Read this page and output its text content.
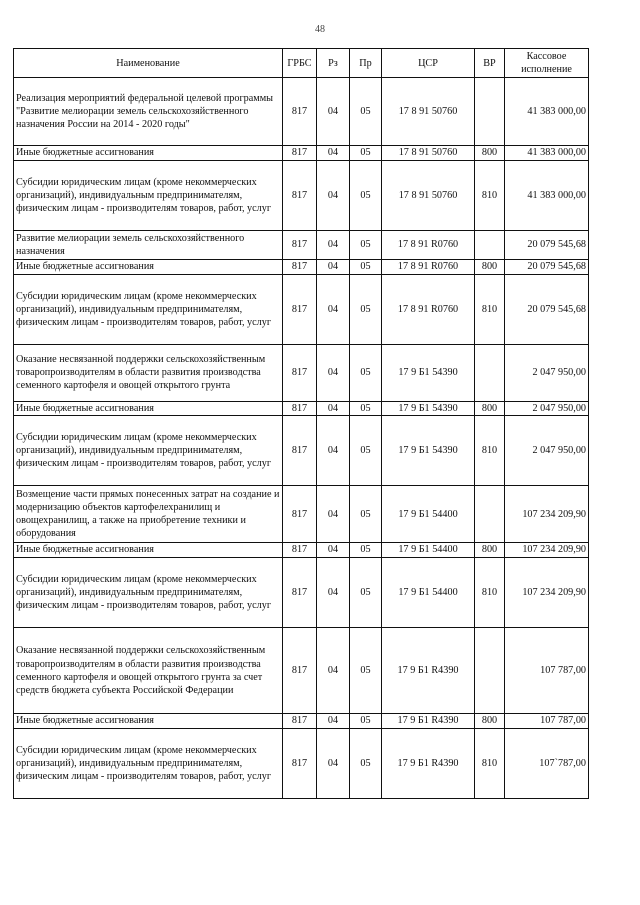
48
Наименование	ГРБС	Рз	Пр	ЦСР	ВР	Кассовое исполнение
Реализация мероприятий федеральной целевой программы "Развитие мелиорации земель сельскохозяйственного назначения России на 2014 - 2020 годы"	817	04	05	17 8 91 50760		41 383 000,00
Иные бюджетные ассигнования	817	04	05	17 8 91 50760	800	41 383 000,00
Субсидии юридическим лицам (кроме некоммерческих организаций), индивидуальным предпринимателям, физическим лицам - производителям товаров, работ, услуг	817	04	05	17 8 91 50760	810	41 383 000,00
Развитие мелиорации земель сельскохозяйственного назначения	817	04	05	17 8 91 R0760		20 079 545,68
Иные бюджетные ассигнования	817	04	05	17 8 91 R0760	800	20 079 545,68
Субсидии юридическим лицам (кроме некоммерческих организаций), индивидуальным предпринимателям, физическим лицам - производителям товаров, работ, услуг	817	04	05	17 8 91 R0760	810	20 079 545,68
Оказание несвязанной поддержки сельскохозяйственным товаропроизводителям в области развития производства семенного картофеля и овощей открытого грунта	817	04	05	17 9 Б1 54390		2 047 950,00
Иные бюджетные ассигнования	817	04	05	17 9 Б1 54390	800	2 047 950,00
Субсидии юридическим лицам (кроме некоммерческих организаций), индивидуальным предпринимателям, физическим лицам - производителям товаров, работ, услуг	817	04	05	17 9 Б1 54390	810	2 047 950,00
Возмещение части прямых понесенных затрат на создание и модернизацию объектов картофелехранилищ и овощехранилищ, а также на приобретение техники и оборудования	817	04	05	17 9 Б1 54400		107 234 209,90
Иные бюджетные ассигнования	817	04	05	17 9 Б1 54400	800	107 234 209,90
Субсидии юридическим лицам (кроме некоммерческих организаций), индивидуальным предпринимателям, физическим лицам - производителям товаров, работ, услуг	817	04	05	17 9 Б1 54400	810	107 234 209,90
Оказание несвязанной поддержки сельскохозяйственным товаропроизводителям в области развития производства семенного картофеля и овощей открытого грунта за счет средств бюджета субъекта Российской Федерации	817	04	05	17 9 Б1 R4390		107 787,00
Иные бюджетные ассигнования	817	04	05	17 9 Б1 R4390	800	107 787,00
Субсидии юридическим лицам (кроме некоммерческих организаций), индивидуальным предпринимателям, физическим лицам - производителям товаров, работ, услуг	817	04	05	17 9 Б1 R4390	810	107`787,00
